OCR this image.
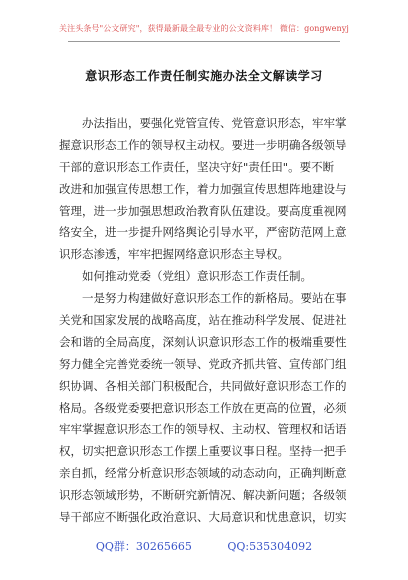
关注头条号"公文研究"，获得最新最全最专业的公文资料库！ 微信：gongwenyj
意识形态工作责任制实施办法全文解读学习
　　办法指出，要强化党管宣传、党管意识形态，牢牢掌
握意识形态工作的领导权主动权。要进一步明确各级领导
干部的意识形态工作责任，坚决守好"责任田"。要不断
改进和加强宣传思想工作，着力加强宣传思想阵地建设与
管理，进一步加强思想政治教育队伍建设。要高度重视网
络安全，进一步提升网络舆论引导水平，严密防范网上意
识形态渗透，牢牢把握网络意识形态主导权。
　　如何推动党委（党组）意识形态工作责任制。
　　一是努力构建做好意识形态工作的新格局。要站在事
关党和国家发展的战略高度，站在推动科学发展、促进社
会和谐的全局高度，深刻认识意识形态工作的极端重要性
努力健全完善党委统一领导、党政齐抓共管、宣传部门组
织协调、各相关部门积极配合，共同做好意识形态工作的
格局。各级党委要把意识形态工作放在更高的位置，必须
牢牢掌握意识形态工作的领导权、主动权、管理权和话语
权，切实把意识形态工作摆上重要议事日程。坚持一把手
亲自抓，经常分析意识形态领域的动态动向，正确判断意
识形态领域形势，不断研究新情况、解决新问题；各级领
导干部应不断强化政治意识、大局意识和忧患意识，切实
QQ群：30265665	QQ:535304092
